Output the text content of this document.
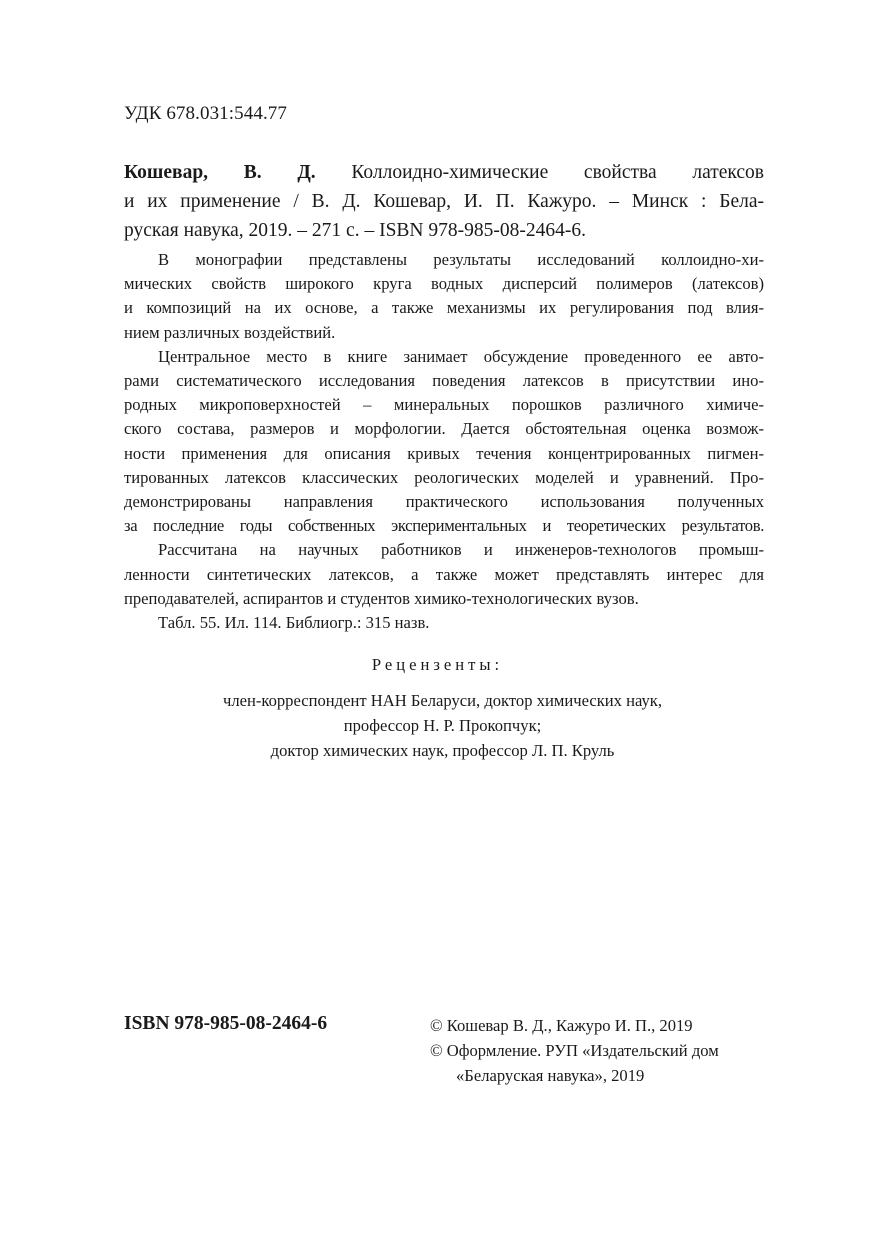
УДК 678.031:544.77
Кошевар, В. Д. Коллоидно-химические свойства латексов
и их применение / В. Д. Кошевар, И. П. Кажуро. – Минск : Бела-
руская навука, 2019. – 271 с. – ISBN 978-985-08-2464-6.
В монографии представлены результаты исследований коллоидно-хи-
мических свойств широкого круга водных дисперсий полимеров (латексов)
и композиций на их основе, а также механизмы их регулирования под влия-
нием различных воздействий.
Центральное место в книге занимает обсуждение проведенного ее авто-
рами систематического исследования поведения латексов в присутствии ино-
родных микроповерхностей – минеральных порошков различного химиче-
ского состава, размеров и морфологии. Дается обстоятельная оценка возмож-
ности применения для описания кривых течения концентрированных пигмен-
тированных латексов классических реологических моделей и уравнений. Про-
демонстрированы направления практического использования полученных
за последние годы собственных экспериментальных и теоретических результатов.
Рассчитана на научных работников и инженеров-технологов промыш-
ленности синтетических латексов, а также может представлять интерес для
преподавателей, аспирантов и студентов химико-технологических вузов.
Табл. 55. Ил. 114. Библиогр.: 315 назв.
Рецензенты:
член-корреспондент НАН Беларуси, доктор химических наук,
профессор Н. Р. Прокопчук;
доктор химических наук, профессор Л. П. Круль
ISBN 978-985-08-2464-6	© Кошевар В. Д., Кажуро И. П., 2019
© Оформление. РУП «Издательский дом
«Беларуская навука», 2019
